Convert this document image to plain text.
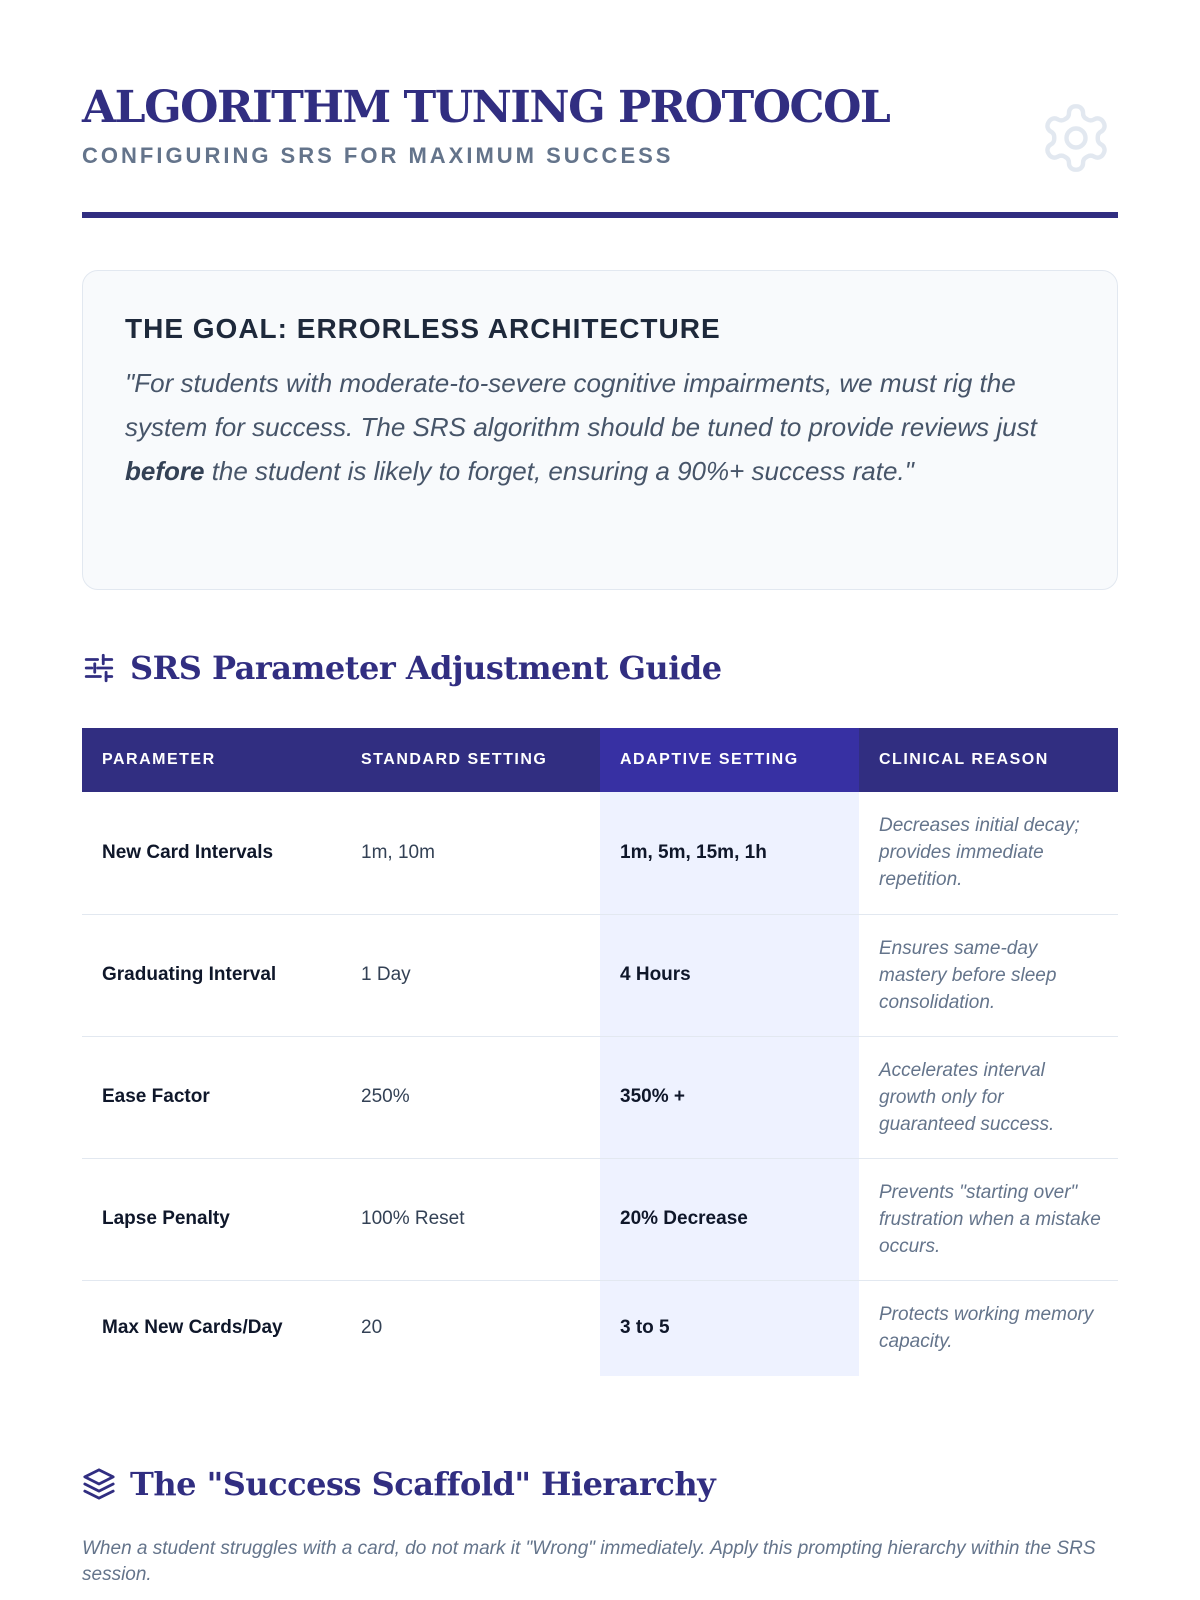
ALGORITHM TUNING PROTOCOL
CONFIGURING SRS FOR MAXIMUM SUCCESS
THE GOAL: ERRORLESS ARCHITECTURE

"For students with moderate-to-severe cognitive impairments, we must rig the system for success. The SRS algorithm should be tuned to provide reviews just before the student is likely to forget, ensuring a 90%+ success rate."

SRS Parameter Adjustment Guide
PARAMETER	STANDARD SETTING	ADAPTIVE SETTING	CLINICAL REASON
New Card Intervals	1m, 10m	1m, 5m, 15m, 1h	Decreases initial decay; provides immediate repetition.
Graduating Interval	1 Day	4 Hours	Ensures same-day mastery before sleep consolidation.
Ease Factor	250%	350% +	Accelerates interval growth only for guaranteed success.
Lapse Penalty	100% Reset	20% Decrease	Prevents "starting over" frustration when a mistake occurs.
Max New Cards/Day	20	3 to 5	Protects working memory capacity.
The "Success Scaffold" Hierarchy

When a student struggles with a card, do not mark it "Wrong" immediately. Apply this prompting hierarchy within the SRS session.
